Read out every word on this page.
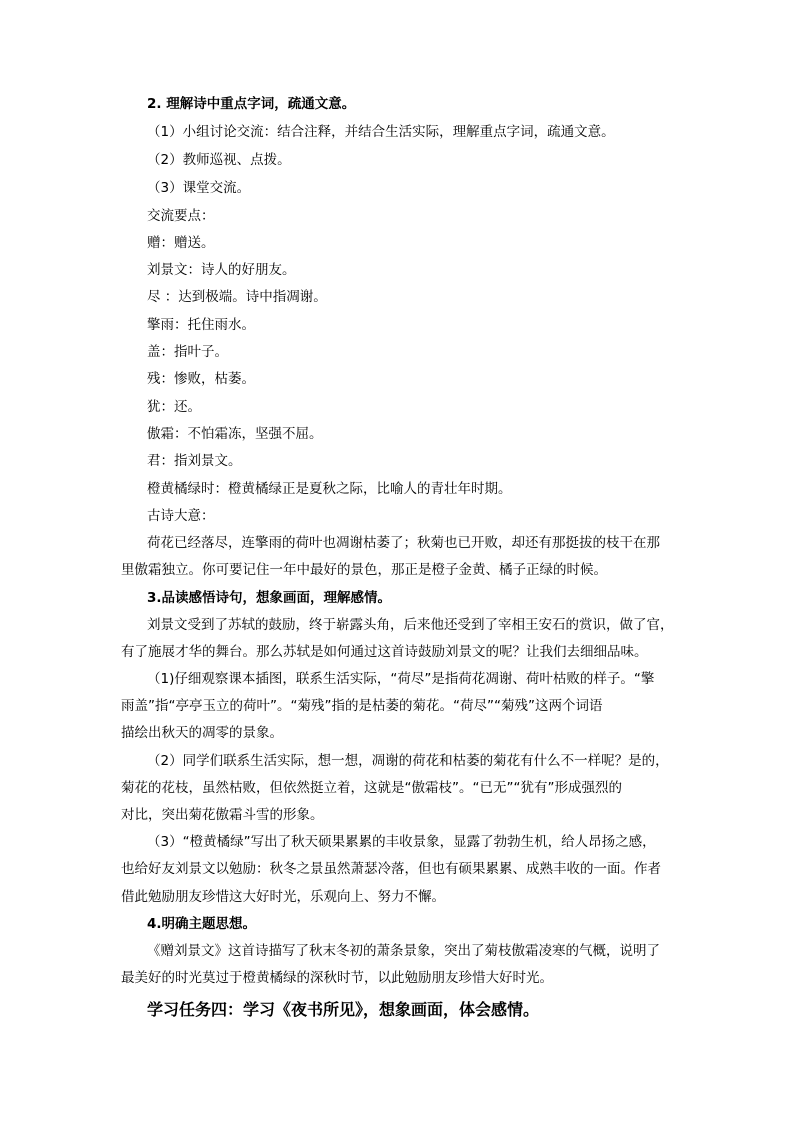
2. 理解诗中重点字词，疏通文意。
（1）小组讨论交流：结合注释，并结合生活实际，理解重点字词，疏通文意。
（2）教师巡视、点拨。
（3）课堂交流。
交流要点：
赠：赠送。
刘景文：诗人的好朋友。
尽 ：达到极端。诗中指凋谢。
擎雨：托住雨水。
盖：指叶子。
残：惨败，枯萎。
犹：还。
傲霜：不怕霜冻，坚强不屈。
君：指刘景文。
橙黄橘绿时：橙黄橘绿正是夏秋之际，比喻人的青壮年时期。
古诗大意：
荷花已经落尽，连擎雨的荷叶也凋谢枯萎了；秋菊也已开败，却还有那挺拔的枝干在那
里傲霜独立。你可要记住一年中最好的景色，那正是橙子金黄、橘子正绿的时候。
3.品读感悟诗句，想象画面，理解感情。
刘景文受到了苏轼的鼓励，终于崭露头角，后来他还受到了宰相王安石的赏识，做了官，
有了施展才华的舞台。那么苏轼是如何通过这首诗鼓励刘景文的呢？让我们去细细品味。
（1)仔细观察课本插图，联系生活实际，“荷尽”是指荷花凋谢、荷叶枯败的样子。“擎
雨盖”指“亭亭玉立的荷叶”。“菊残”指的是枯萎的菊花。“荷尽”“菊残”这两个词语
描绘出秋天的凋零的景象。
（2）同学们联系生活实际，想一想，凋谢的荷花和枯萎的菊花有什么不一样呢？是的，
菊花的花枝，虽然枯败，但依然挺立着，这就是“傲霜枝”。“已无”“犹有”形成强烈的
对比，突出菊花傲霜斗雪的形象。
（3）“橙黄橘绿”写出了秋天硕果累累的丰收景象，显露了勃勃生机，给人昂扬之感，
也给好友刘景文以勉励：秋冬之景虽然萧瑟冷落，但也有硕果累累、成熟丰收的一面。作者
借此勉励朋友珍惜这大好时光，乐观向上、努力不懈。
4.明确主题思想。
《赠刘景文》这首诗描写了秋末冬初的萧条景象，突出了菊枝傲霜凌寒的气概，说明了
最美好的时光莫过于橙黄橘绿的深秋时节，以此勉励朋友珍惜大好时光。
学习任务四：学习《夜书所见》，想象画面，体会感情。
